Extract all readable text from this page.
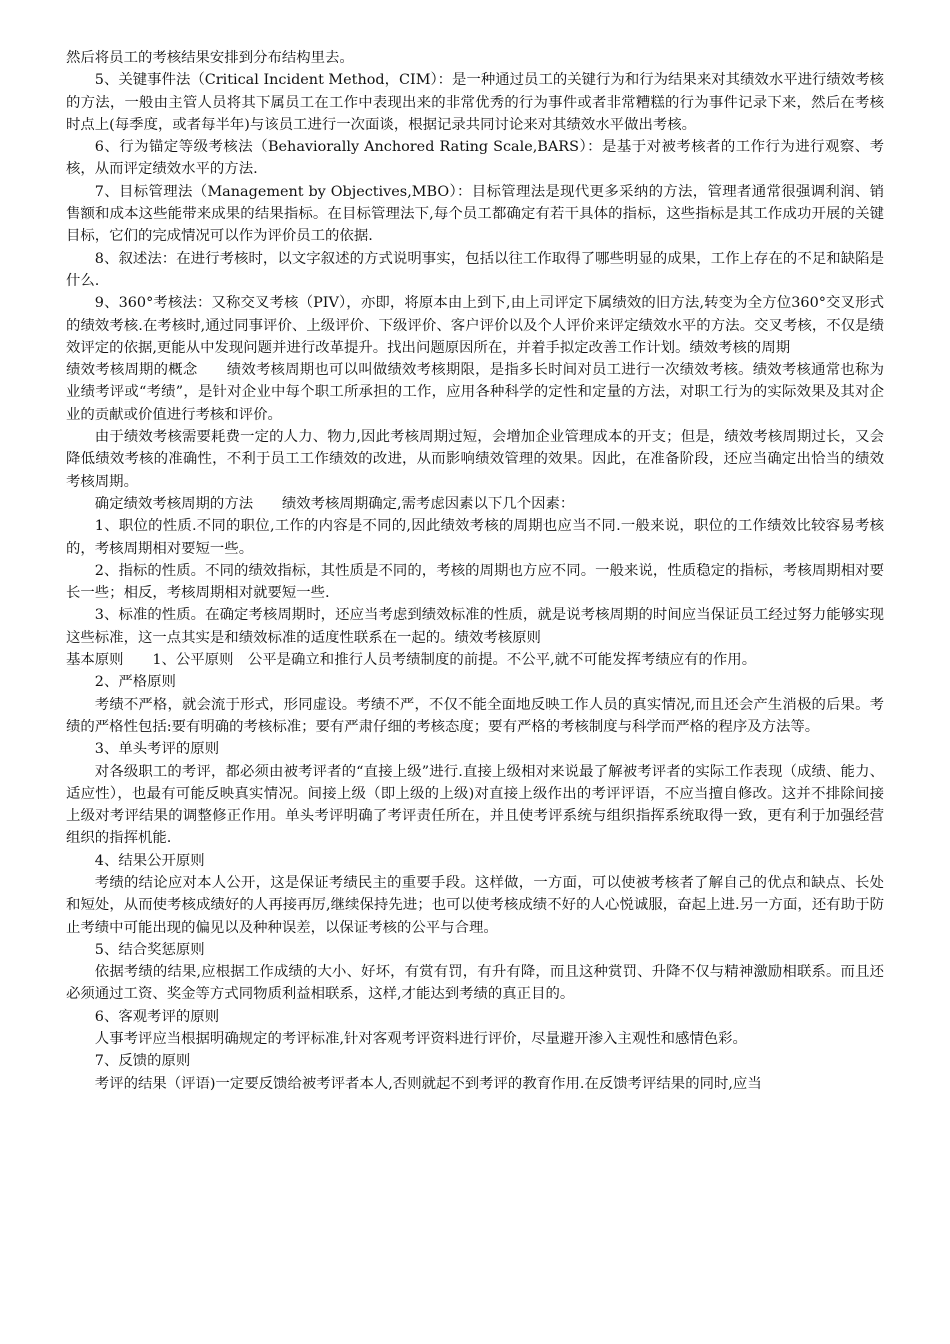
然后将员工的考核结果安排到分布结构里去。

5、关键事件法（Critical Incident Method，CIM）：是一种通过员工的关键行为和行为结果来对其绩效水平进行绩效考核的方法，一般由主管人员将其下属员工在工作中表现出来的非常优秀的行为事件或者非常糟糕的行为事件记录下来，然后在考核时点上(每季度，或者每半年)与该员工进行一次面谈，根据记录共同讨论来对其绩效水平做出考核。

6、行为锚定等级考核法（Behaviorally Anchored Rating Scale,BARS）：是基于对被考核者的工作行为进行观察、考核，从而评定绩效水平的方法.

7、目标管理法（Management by Objectives,MBO）：目标管理法是现代更多采纳的方法，管理者通常很强调利润、销售额和成本这些能带来成果的结果指标。在目标管理法下,每个员工都确定有若干具体的指标，这些指标是其工作成功开展的关键目标，它们的完成情况可以作为评价员工的依据.

8、叙述法：在进行考核时，以文字叙述的方式说明事实，包括以往工作取得了哪些明显的成果，工作上存在的不足和缺陷是什么.

9、360°考核法：又称交叉考核（PIV），亦即，将原本由上到下,由上司评定下属绩效的旧方法,转变为全方位360°交叉形式的绩效考核.在考核时,通过同事评价、上级评价、下级评价、客户评价以及个人评价来评定绩效水平的方法。交叉考核，不仅是绩效评定的依据,更能从中发现问题并进行改革提升。找出问题原因所在，并着手拟定改善工作计划。绩效考核的周期

绩效考核周期的概念　　绩效考核周期也可以叫做绩效考核期限，是指多长时间对员工进行一次绩效考核。绩效考核通常也称为业绩考评或“考绩”，是针对企业中每个职工所承担的工作，应用各种科学的定性和定量的方法，对职工行为的实际效果及其对企业的贡献或价值进行考核和评价。

由于绩效考核需要耗费一定的人力、物力,因此考核周期过短，会增加企业管理成本的开支；但是，绩效考核周期过长，又会降低绩效考核的准确性，不利于员工工作绩效的改进，从而影响绩效管理的效果。因此，在准备阶段，还应当确定出恰当的绩效考核周期。

确定绩效考核周期的方法　　绩效考核周期确定,需考虑因素以下几个因素：

1、职位的性质.不同的职位,工作的内容是不同的,因此绩效考核的周期也应当不同.一般来说，职位的工作绩效比较容易考核的，考核周期相对要短一些。

2、指标的性质。不同的绩效指标，其性质是不同的，考核的周期也方应不同。一般来说，性质稳定的指标，考核周期相对要长一些；相反，考核周期相对就要短一些.

3、标准的性质。在确定考核周期时，还应当考虑到绩效标准的性质，就是说考核周期的时间应当保证员工经过努力能够实现这些标准，这一点其实是和绩效标准的适度性联系在一起的。绩效考核原则

基本原则　　1、公平原则　公平是确立和推行人员考绩制度的前提。不公平,就不可能发挥考绩应有的作用。

2、严格原则

考绩不严格，就会流于形式，形同虚设。考绩不严，不仅不能全面地反映工作人员的真实情况,而且还会产生消极的后果。考绩的严格性包括:要有明确的考核标准；要有严肃仔细的考核态度；要有严格的考核制度与科学而严格的程序及方法等。

3、单头考评的原则

对各级职工的考评，都必须由被考评者的“直接上级”进行.直接上级相对来说最了解被考评者的实际工作表现（成绩、能力、适应性），也最有可能反映真实情况。间接上级（即上级的上级)对直接上级作出的考评评语，不应当擅自修改。这并不排除间接上级对考评结果的调整修正作用。单头考评明确了考评责任所在，并且使考评系统与组织指挥系统取得一致，更有利于加强经营组织的指挥机能.

4、结果公开原则

考绩的结论应对本人公开，这是保证考绩民主的重要手段。这样做，一方面，可以使被考核者了解自己的优点和缺点、长处和短处，从而使考核成绩好的人再接再厉,继续保持先进；也可以使考核成绩不好的人心悦诚服，奋起上进.另一方面，还有助于防止考绩中可能出现的偏见以及种种误差，以保证考核的公平与合理。

5、结合奖惩原则

依据考绩的结果,应根据工作成绩的大小、好坏，有赏有罚，有升有降，而且这种赏罚、升降不仅与精神激励相联系。而且还必须通过工资、奖金等方式同物质利益相联系，这样,才能达到考绩的真正目的。

6、客观考评的原则

人事考评应当根据明确规定的考评标准,针对客观考评资料进行评价，尽量避开渗入主观性和感情色彩。

7、反馈的原则

考评的结果（评语)一定要反馈给被考评者本人,否则就起不到考评的教育作用.在反馈考评结果的同时,应当
